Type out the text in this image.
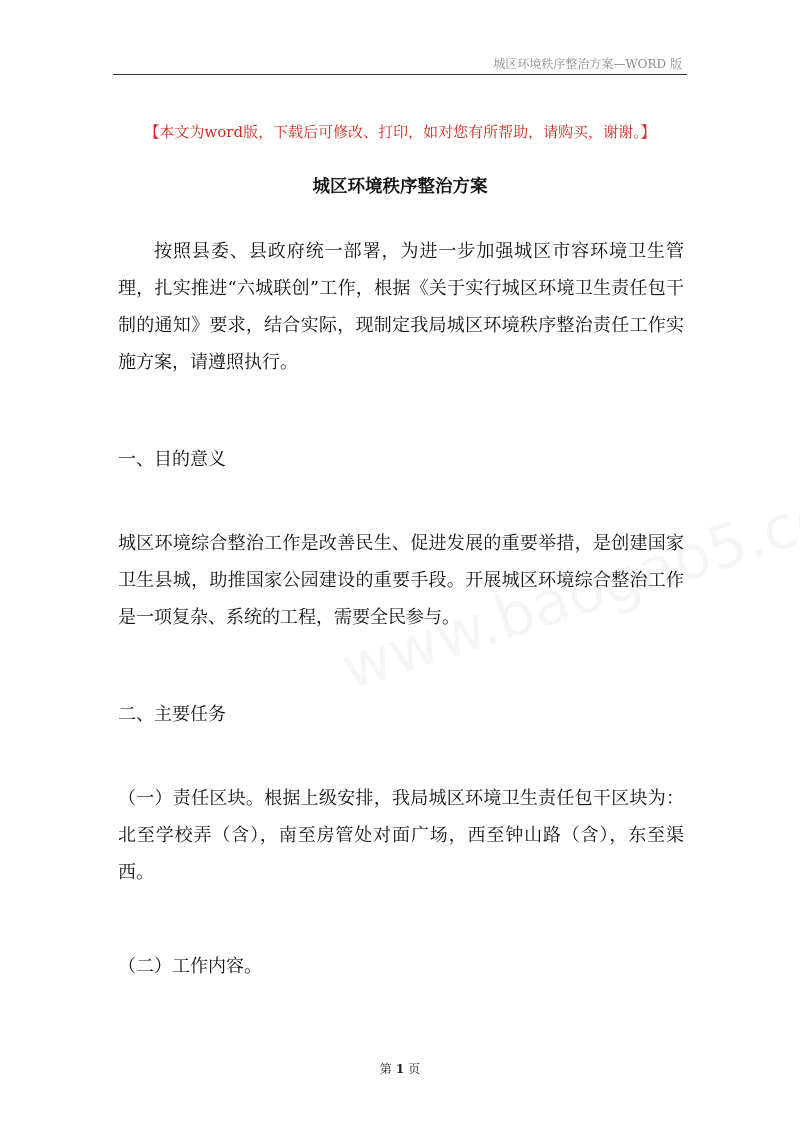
城区环境秩序整治方案—WORD 版
【本文为word版，下载后可修改、打印，如对您有所帮助，请购买，谢谢。】
城区环境秩序整治方案

按照县委、县政府统一部署，为进一步加强城区市容环境卫生管理，扎实推进“六城联创”工作，根据《关于实行城区环境卫生责任包干制的通知》要求，结合实际，现制定我局城区环境秩序整治责任工作实施方案，请遵照执行。

一、目的意义

城区环境综合整治工作是改善民生、促进发展的重要举措，是创建国家卫生县城，助推国家公园建设的重要手段。开展城区环境综合整治工作是一项复杂、系统的工程，需要全民参与。

二、主要任务

（一）责任区块。根据上级安排，我局城区环境卫生责任包干区块为：北至学校弄（含），南至房管处对面广场，西至钟山路（含），东至渠西。

（二）工作内容。

第 1 页
